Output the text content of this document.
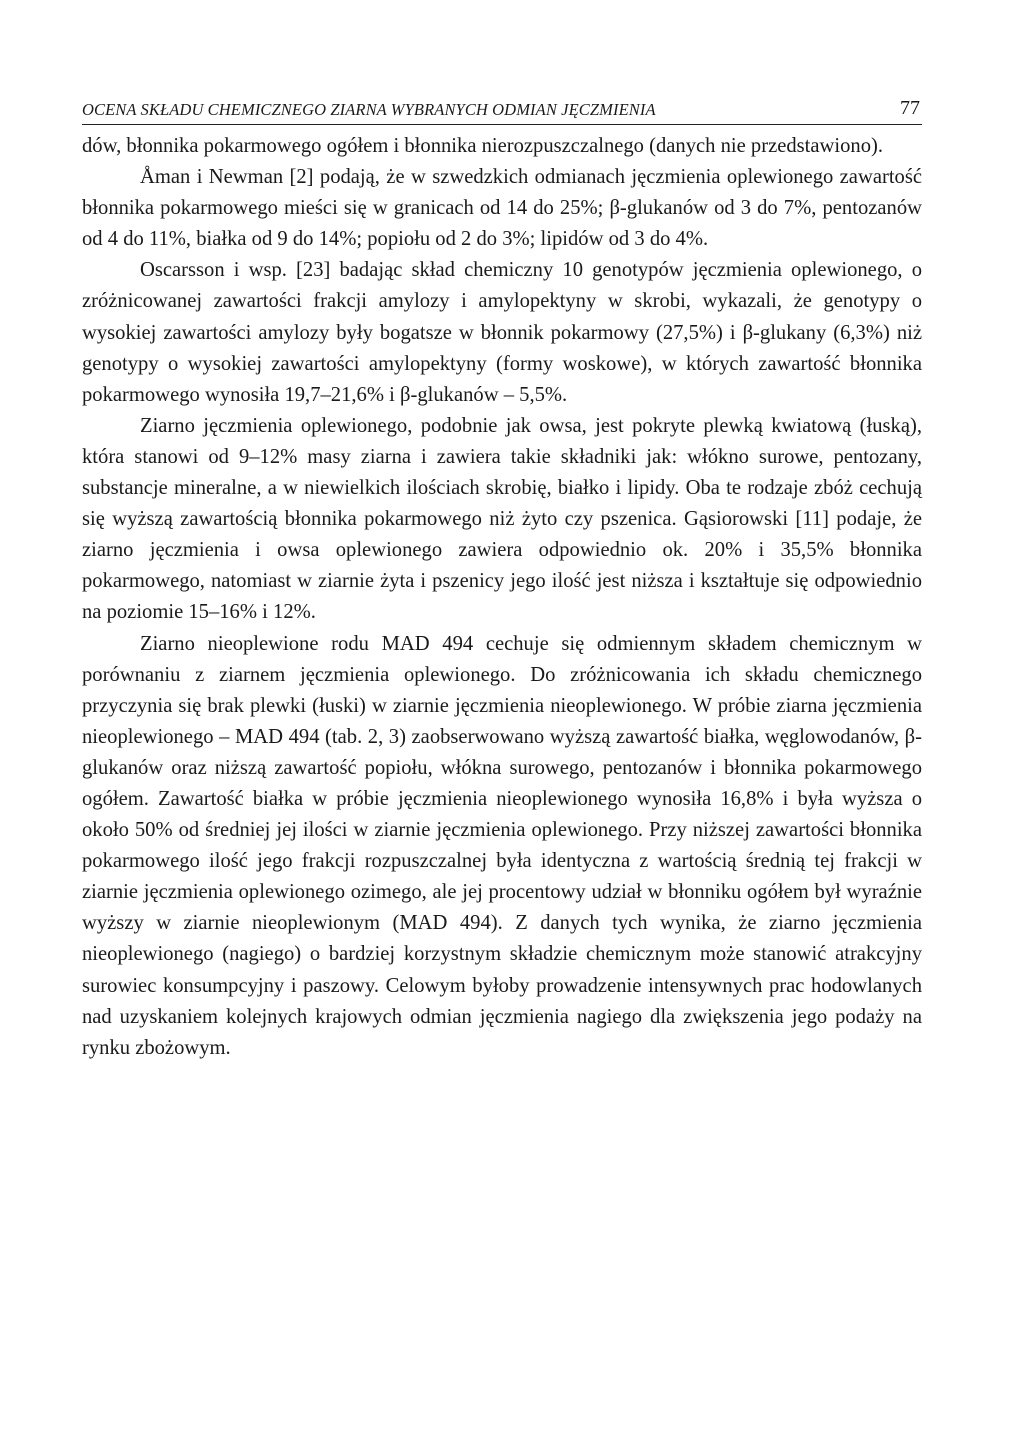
OCENA SKŁADU CHEMICZNEGO ZIARNA WYBRANYCH ODMIAN JĘCZMIENIA	77

dów, błonnika pokarmowego ogółem i błonnika nierozpuszczalnego (danych nie przedstawiono).

Åman i Newman [2] podają, że w szwedzkich odmianach jęczmienia oplewionego zawartość błonnika pokarmowego mieści się w granicach od 14 do 25%; β-glukanów od 3 do 7%, pentozanów od 4 do 11%, białka od 9 do 14%; popiołu od 2 do 3%; lipidów od 3 do 4%.

Oscarsson i wsp. [23] badając skład chemiczny 10 genotypów jęczmienia oplewionego, o zróżnicowanej zawartości frakcji amylozy i amylopektyny w skrobi, wykazali, że genotypy o wysokiej zawartości amylozy były bogatsze w błonnik pokarmowy (27,5%) i β-glukany (6,3%) niż genotypy o wysokiej zawartości amylopektyny (formy woskowe), w których zawartość błonnika pokarmowego wynosiła 19,7–21,6% i β-glukanów – 5,5%.

Ziarno jęczmienia oplewionego, podobnie jak owsa, jest pokryte plewką kwiatową (łuską), która stanowi od 9–12% masy ziarna i zawiera takie składniki jak: włókno surowe, pentozany, substancje mineralne, a w niewielkich ilościach skrobię, białko i lipidy. Oba te rodzaje zbóż cechują się wyższą zawartością błonnika pokarmowego niż żyto czy pszenica. Gąsiorowski [11] podaje, że ziarno jęczmienia i owsa oplewionego zawiera odpowiednio ok. 20% i 35,5% błonnika pokarmowego, natomiast w ziarnie żyta i pszenicy jego ilość jest niższa i kształtuje się odpowiednio na poziomie 15–16% i 12%.

Ziarno nieoplewione rodu MAD 494 cechuje się odmiennym składem chemicznym w porównaniu z ziarnem jęczmienia oplewionego. Do zróżnicowania ich składu chemicznego przyczynia się brak plewki (łuski) w ziarnie jęczmienia nieoplewionego. W próbie ziarna jęczmienia nieoplewionego – MAD 494 (tab. 2, 3) zaobserwowano wyższą zawartość białka, węglowodanów, β-glukanów oraz niższą zawartość popiołu, włókna surowego, pentozanów i błonnika pokarmowego ogółem. Zawartość białka w próbie jęczmienia nieoplewionego wynosiła 16,8% i była wyższa o około 50% od średniej jej ilości w ziarnie jęczmienia oplewionego. Przy niższej zawartości błonnika pokarmowego ilość jego frakcji rozpuszczalnej była identyczna z wartością średnią tej frakcji w ziarnie jęczmienia oplewionego ozimego, ale jej procentowy udział w błonniku ogółem był wyraźnie wyższy w ziarnie nieoplewionym (MAD 494). Z danych tych wynika, że ziarno jęczmienia nieoplewionego (nagiego) o bardziej korzystnym składzie chemicznym może stanowić atrakcyjny surowiec konsumpcyjny i paszowy. Celowym byłoby prowadzenie intensywnych prac hodowlanych nad uzyskaniem kolejnych krajowych odmian jęczmienia nagiego dla zwiększenia jego podaży na rynku zbożowym.
